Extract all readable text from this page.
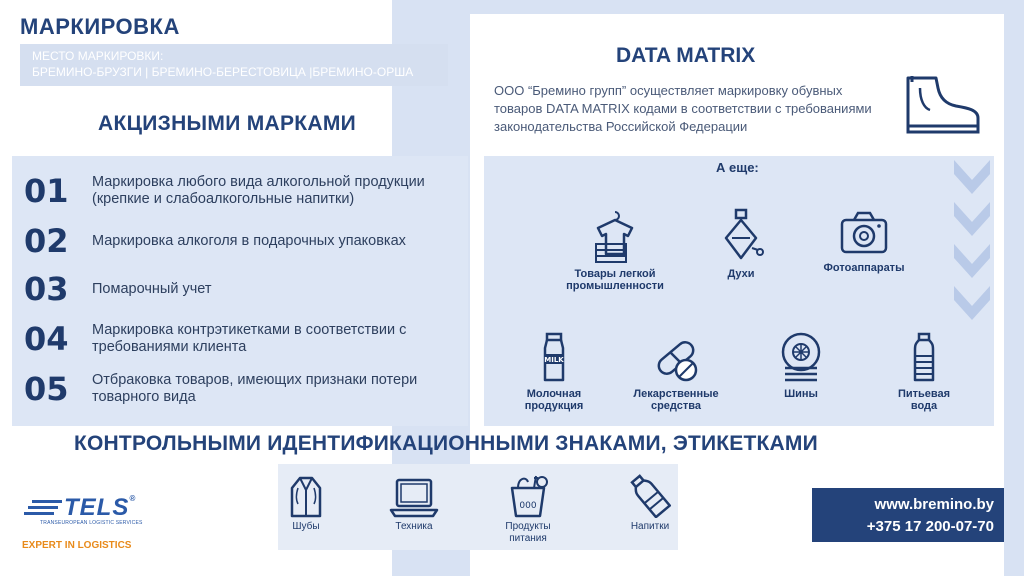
МАРКИРОВКА
МЕСТО МАРКИРОВКИ:
БРЕМИНО-БРУЗГИ | БРЕМИНО-БЕРЕСТОВИЦА |БРЕМИНО-ОРША
АКЦИЗНЫМИ МАРКАМИ
01	Маркировка любого вида алкогольной продукции (крепкие и слабоалкогольные напитки)
02	Маркировка алкоголя в подарочных упаковках
03	Помарочный учет
04	Маркировка контрэтикетками в соответствии с требованиями клиента
05	Отбраковка товаров, имеющих признаки потери товарного вида
DATA MATRIX
ООО “Бремино групп” осуществляет маркировку обувных товаров DATA MATRIX кодами в соответствии с требованиями законодательства Российской Федерации
А еще:
Товары легкой промышленности
Духи	Фотоаппараты
MILK
Молочная продукция
Лекарственные средства
Шины	Питьевая вода
КОНТРОЛЬНЫМИ ИДЕНТИФИКАЦИОННЫМИ ЗНАКАМИ, ЭТИКЕТКАМИ
Шубы	Техника
000
Продукты питания
Напитки
TELS®
TRANSEUROPEAN LOGISTIC SERVICES
EXPERT IN LOGISTICS
www.bremino.by
+375 17 200-07-70
